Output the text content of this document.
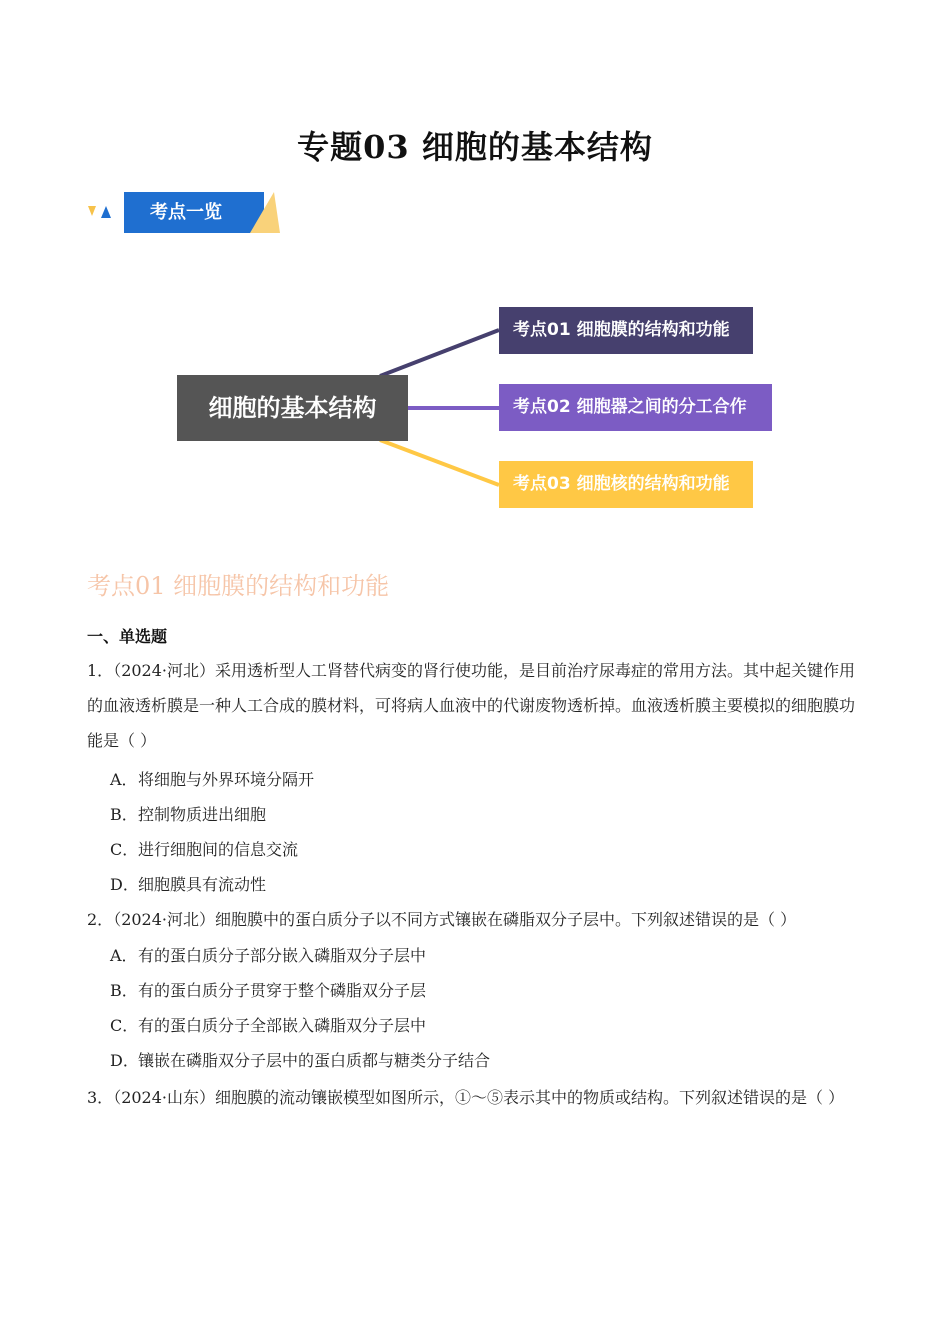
专题03 细胞的基本结构
考点一览
细胞的基本结构
考点01 细胞膜的结构和功能
考点02 细胞器之间的分工合作
考点03 细胞核的结构和功能
考点01 细胞膜的结构和功能
一、单选题
1．（2024·河北）采用透析型人工肾替代病变的肾行使功能，是目前治疗尿毒症的常用方法。其中起关键作用的血液透析膜是一种人工合成的膜材料，可将病人血液中的代谢废物透析掉。血液透析膜主要模拟的细胞膜功能是（ ）
A．将细胞与外界环境分隔开
B．控制物质进出细胞
C．进行细胞间的信息交流
D．细胞膜具有流动性
2．（2024·河北）细胞膜中的蛋白质分子以不同方式镶嵌在磷脂双分子层中。下列叙述错误的是（ ）
A．有的蛋白质分子部分嵌入磷脂双分子层中
B．有的蛋白质分子贯穿于整个磷脂双分子层
C．有的蛋白质分子全部嵌入磷脂双分子层中
D．镶嵌在磷脂双分子层中的蛋白质都与糖类分子结合
3．（2024·山东）细胞膜的流动镶嵌模型如图所示，①～⑤表示其中的物质或结构。下列叙述错误的是（ ）
